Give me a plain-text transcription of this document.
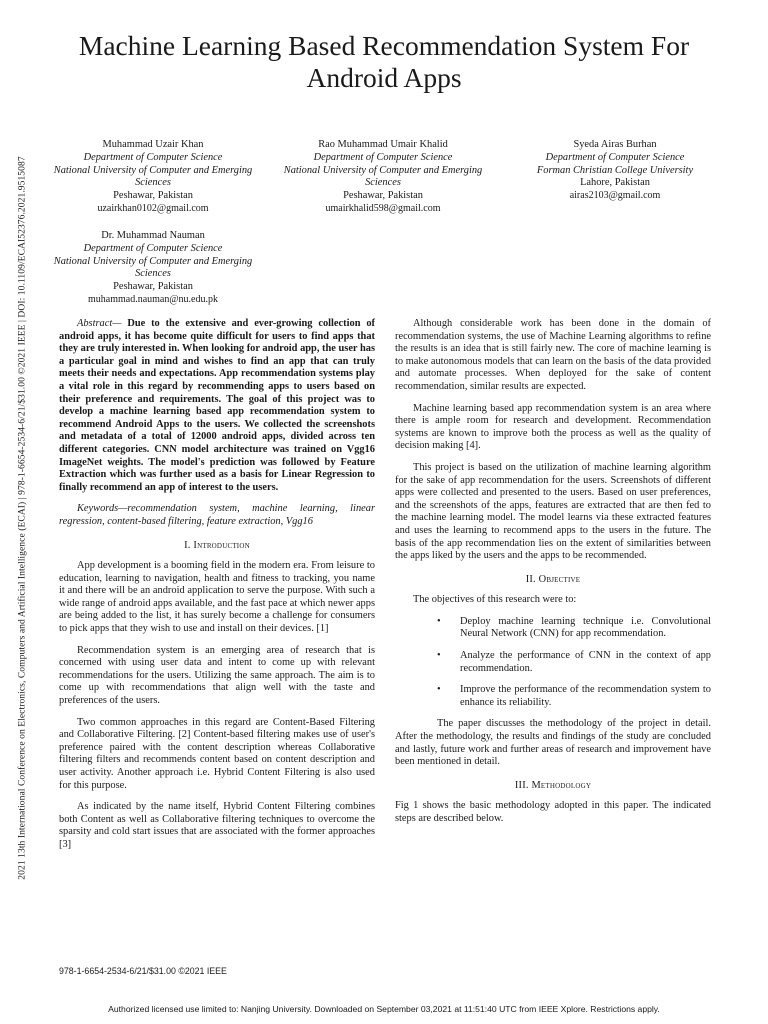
Machine Learning Based Recommendation System For Android Apps
2021 13th International Conference on Electronics, Computers and Artificial Intelligence (ECAI) | 978-1-6654-2534-6/21/$31.00 ©2021 IEEE | DOI: 10.1109/ECAI52376.2021.9515087
Muhammad Uzair Khan
Department of Computer Science
National University of Computer and Emerging Sciences
Peshawar, Pakistan
uzairkhan0102@gmail.com
Rao Muhammad Umair Khalid
Department of Computer Science
National University of Computer and Emerging Sciences
Peshawar, Pakistan
umairkhalid598@gmail.com
Syeda Airas Burhan
Department of Computer Science
Forman Christian College University
Lahore, Pakistan
airas2103@gmail.com
Dr. Muhammad Nauman
Department of Computer Science
National University of Computer and Emerging Sciences
Peshawar, Pakistan
muhammad.nauman@nu.edu.pk

Abstract— Due to the extensive and ever-growing collection of android apps, it has become quite difficult for users to find apps that they are truly interested in. When looking for android app, the user has a particular goal in mind and wishes to find an app that can truly meets their needs and expectations. App recommendation systems play a vital role in this regard by recommending apps to users based on their preference and requirements. The goal of this project was to develop a machine learning based app recommendation system to recommend Android Apps to the users. We collected the screenshots and metadata of a total of 12000 android apps, divided across ten different categories. CNN model architecture was trained on Vgg16 ImageNet weights. The model's prediction was followed by Feature Extraction which was further used as a basis for Linear Regression to finally recommend an app of interest to the users.

Keywords—recommendation system, machine learning, linear regression, content-based filtering, feature extraction, Vgg16

I. Introduction

App development is a booming field in the modern era. From leisure to education, learning to navigation, health and fitness to tracking, you name it and there will be an android application to serve the purpose. With such a wide range of android apps available, and the fast pace at which newer apps are being added to the list, it has surely become a challenge for consumers to pick apps that they wish to use and install on their devices. [1]

Recommendation system is an emerging area of research that is concerned with using user data and intent to come up with relevant recommendations for the users. Utilizing the same approach. The aim is to come up with recommendations that align well with the taste and preferences of the users.

Two common approaches in this regard are Content-Based Filtering and Collaborative Filtering. [2] Content-based filtering makes use of user's preference paired with the content description whereas Collaborative filtering filters and recommends content based on content description and user activity. Another approach i.e. Hybrid Content Filtering is also used for this purpose.

As indicated by the name itself, Hybrid Content Filtering combines both Content as well as Collaborative filtering techniques to overcome the sparsity and cold start issues that are associated with the former approaches [3]

Although considerable work has been done in the domain of recommendation systems, the use of Machine Learning algorithms to refine the results is an idea that is still fairly new. The core of machine learning is to make autonomous models that can learn on the basis of the data provided and automate processes. When deployed for the sake of content recommendation, similar results are expected.

Machine learning based app recommendation system is an area where there is ample room for research and development. Recommendation systems are known to improve both the process as well as the quality of decision making [4].

This project is based on the utilization of machine learning algorithm for the sake of app recommendation for the users. Screenshots of different apps were collected and presented to the users. Based on user preferences, and the screenshots of the apps, features are extracted that are then fed to the machine learning model. The model learns via these extracted features and uses the learning to recommend apps to the users in the future. The basis of the app recommendation lies on the extent of similarities between the apps liked by the users and the apps to be recommended.

II. Objective

The objectives of this research were to:

• Deploy machine learning technique i.e. Convolutional Neural Network (CNN) for app recommendation.
• Analyze the performance of CNN in the context of app recommendation.
• Improve the performance of the recommendation system to enhance its reliability.

The paper discusses the methodology of the project in detail. After the methodology, the results and findings of the study are concluded and lastly, future work and further areas of research and improvement have been mentioned in detail.

III. Methodology

Fig 1 shows the basic methodology adopted in this paper. The indicated steps are described below.

978-1-6654-2534-6/21/$31.00 ©2021 IEEE
Authorized licensed use limited to: Nanjing University. Downloaded on September 03,2021 at 11:51:40 UTC from IEEE Xplore. Restrictions apply.
